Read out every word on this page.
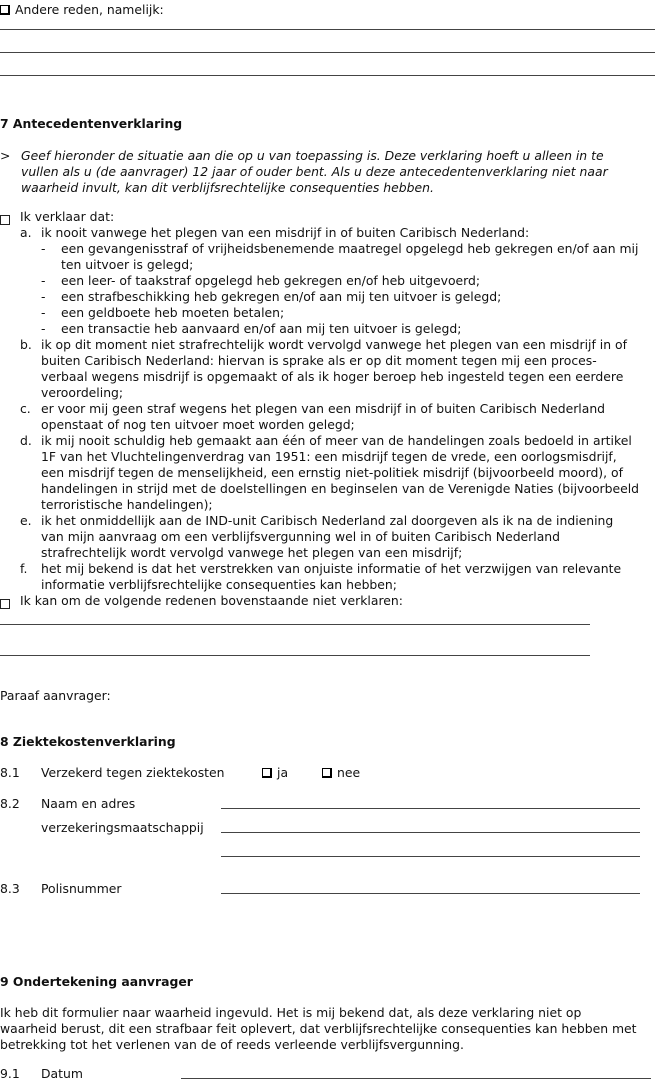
Andere reden, namelijk:
7 Antecedentenverklaring
> Geef hieronder de situatie aan die op u van toepassing is. Deze verklaring hoeft u alleen in te
vullen als u (de aanvrager) 12 jaar of ouder bent. Als u deze antecedentenverklaring niet naar
waarheid invult, kan dit verblijfsrechtelijke consequenties hebben.
Ik verklaar dat:
a. ik nooit vanwege het plegen van een misdrijf in of buiten Caribisch Nederland:
- een gevangenisstraf of vrijheidsbenemende maatregel opgelegd heb gekregen en/of aan mij
ten uitvoer is gelegd;
- een leer- of taakstraf opgelegd heb gekregen en/of heb uitgevoerd;
- een strafbeschikking heb gekregen en/of aan mij ten uitvoer is gelegd;
- een geldboete heb moeten betalen;
- een transactie heb aanvaard en/of aan mij ten uitvoer is gelegd;
b. ik op dit moment niet strafrechtelijk wordt vervolgd vanwege het plegen van een misdrijf in of
buiten Caribisch Nederland: hiervan is sprake als er op dit moment tegen mij een proces-
verbaal wegens misdrijf is opgemaakt of als ik hoger beroep heb ingesteld tegen een eerdere
veroordeling;
c. er voor mij geen straf wegens het plegen van een misdrijf in of buiten Caribisch Nederland
openstaat of nog ten uitvoer moet worden gelegd;
d. ik mij nooit schuldig heb gemaakt aan één of meer van de handelingen zoals bedoeld in artikel
1F van het Vluchtelingenverdrag van 1951: een misdrijf tegen de vrede, een oorlogsmisdrijf,
een misdrijf tegen de menselijkheid, een ernstig niet-politiek misdrijf (bijvoorbeeld moord), of
handelingen in strijd met de doelstellingen en beginselen van de Verenigde Naties (bijvoorbeeld
terroristische handelingen);
e. ik het onmiddellijk aan de IND-unit Caribisch Nederland zal doorgeven als ik na de indiening
van mijn aanvraag om een verblijfsvergunning wel in of buiten Caribisch Nederland
strafrechtelijk wordt vervolgd vanwege het plegen van een misdrijf;
f. het mij bekend is dat het verstrekken van onjuiste informatie of het verzwijgen van relevante
informatie verblijfsrechtelijke consequenties kan hebben;
Ik kan om de volgende redenen bovenstaande niet verklaren:
Paraaf aanvrager:
8 Ziektekostenverklaring
8.1 Verzekerd tegen ziektekosten	ja	nee
8.2 Naam en adres
verzekeringsmaatschappij
8.3 Polisnummer
9 Ondertekening aanvrager
Ik heb dit formulier naar waarheid ingevuld. Het is mij bekend dat, als deze verklaring niet op
waarheid berust, dit een strafbaar feit oplevert, dat verblijfsrechtelijke consequenties kan hebben met
betrekking tot het verlenen van de of reeds verleende verblijfsvergunning.
9.1 Datum
